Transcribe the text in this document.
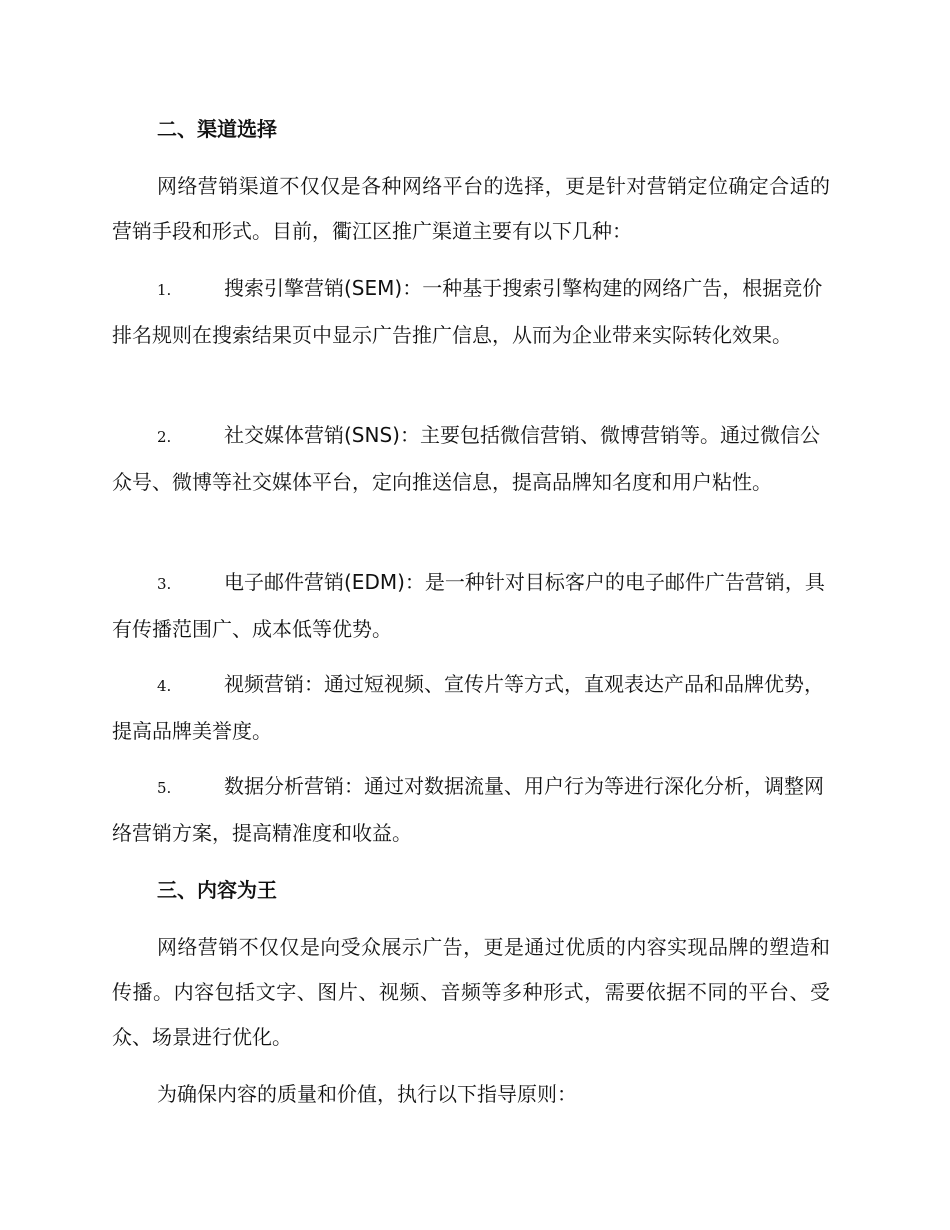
二、渠道选择

网络营销渠道不仅仅是各种网络平台的选择，更是针对营销定位确定合适的营销手段和形式。目前，衢江区推广渠道主要有以下几种：

1.	搜索引擎营销(SEM)：一种基于搜索引擎构建的网络广告，根据竞价排名规则在搜索结果页中显示广告推广信息，从而为企业带来实际转化效果。

2.	社交媒体营销(SNS)：主要包括微信营销、微博营销等。通过微信公众号、微博等社交媒体平台，定向推送信息，提高品牌知名度和用户粘性。

3.	电子邮件营销(EDM)：是一种针对目标客户的电子邮件广告营销，具有传播范围广、成本低等优势。

4.	视频营销：通过短视频、宣传片等方式，直观表达产品和品牌优势，提高品牌美誉度。

5.	数据分析营销：通过对数据流量、用户行为等进行深化分析，调整网络营销方案，提高精准度和收益。

三、内容为王

网络营销不仅仅是向受众展示广告，更是通过优质的内容实现品牌的塑造和传播。内容包括文字、图片、视频、音频等多种形式，需要依据不同的平台、受众、场景进行优化。

为确保内容的质量和价值，执行以下指导原则：
